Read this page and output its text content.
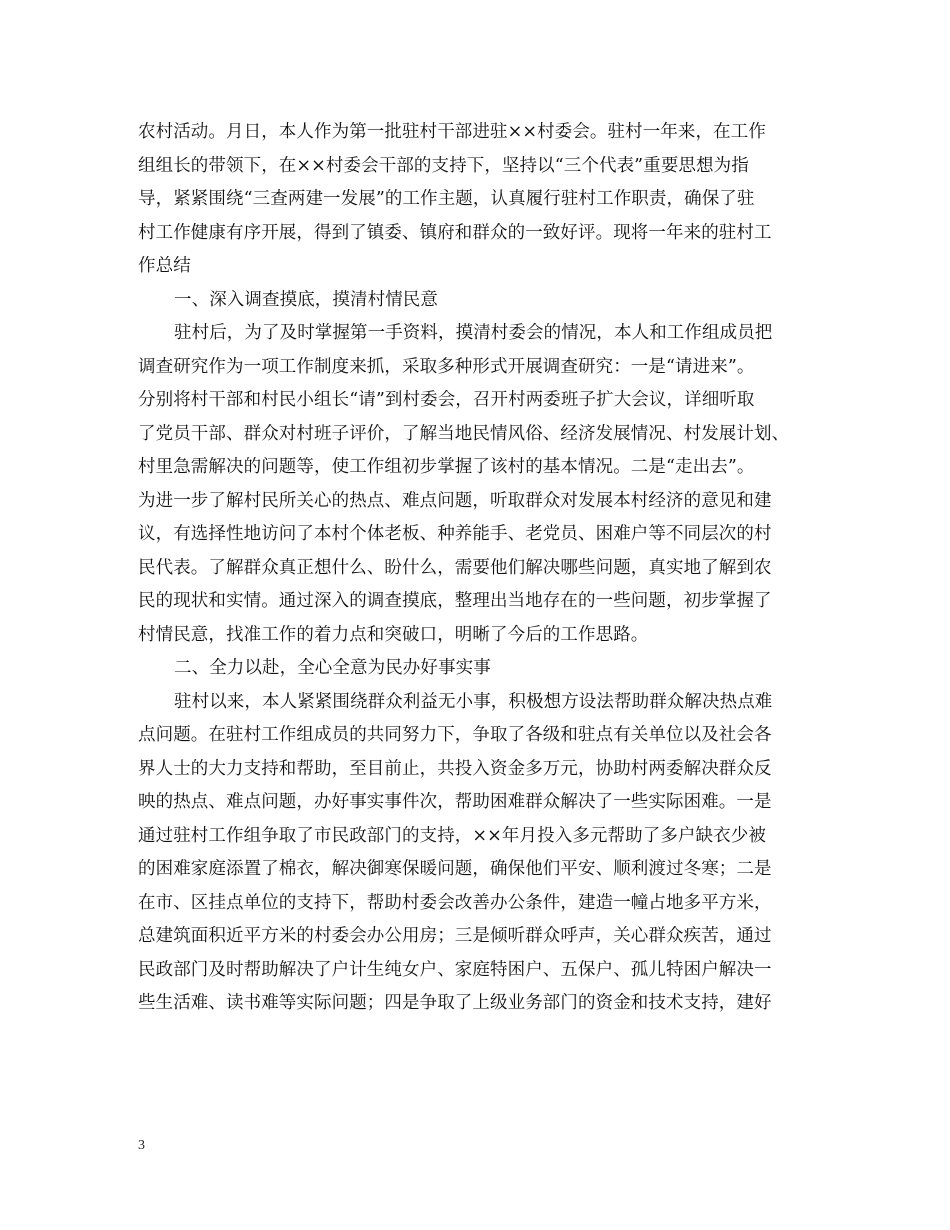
农村活动。月日，本人作为第一批驻村干部进驻××村委会。驻村一年来，在工作
组组长的带领下，在××村委会干部的支持下，坚持以“三个代表”重要思想为指
导，紧紧围绕“三查两建一发展”的工作主题，认真履行驻村工作职责，确保了驻
村工作健康有序开展，得到了镇委、镇府和群众的一致好评。现将一年来的驻村工
作总结
一、深入调查摸底，摸清村情民意
驻村后，为了及时掌握第一手资料，摸清村委会的情况，本人和工作组成员把
调查研究作为一项工作制度来抓，采取多种形式开展调查研究：一是“请进来”。
分别将村干部和村民小组长“请”到村委会，召开村两委班子扩大会议，详细听取
了党员干部、群众对村班子评价，了解当地民情风俗、经济发展情况、村发展计划、
村里急需解决的问题等，使工作组初步掌握了该村的基本情况。二是“走出去”。
为进一步了解村民所关心的热点、难点问题，听取群众对发展本村经济的意见和建
议，有选择性地访问了本村个体老板、种养能手、老党员、困难户等不同层次的村
民代表。了解群众真正想什么、盼什么，需要他们解决哪些问题，真实地了解到农
民的现状和实情。通过深入的调查摸底，整理出当地存在的一些问题，初步掌握了
村情民意，找准工作的着力点和突破口，明晰了今后的工作思路。
二、全力以赴，全心全意为民办好事实事
驻村以来，本人紧紧围绕群众利益无小事，积极想方设法帮助群众解决热点难
点问题。在驻村工作组成员的共同努力下，争取了各级和驻点有关单位以及社会各
界人士的大力支持和帮助，至目前止，共投入资金多万元，协助村两委解决群众反
映的热点、难点问题，办好事实事件次，帮助困难群众解决了一些实际困难。一是
通过驻村工作组争取了市民政部门的支持，××年月投入多元帮助了多户缺衣少被
的困难家庭添置了棉衣，解决御寒保暖问题，确保他们平安、顺利渡过冬寒；二是
在市、区挂点单位的支持下，帮助村委会改善办公条件，建造一幢占地多平方米，
总建筑面积近平方米的村委会办公用房；三是倾听群众呼声，关心群众疾苦，通过
民政部门及时帮助解决了户计生纯女户、家庭特困户、五保户、孤儿特困户解决一
些生活难、读书难等实际问题；四是争取了上级业务部门的资金和技术支持，建好
3
